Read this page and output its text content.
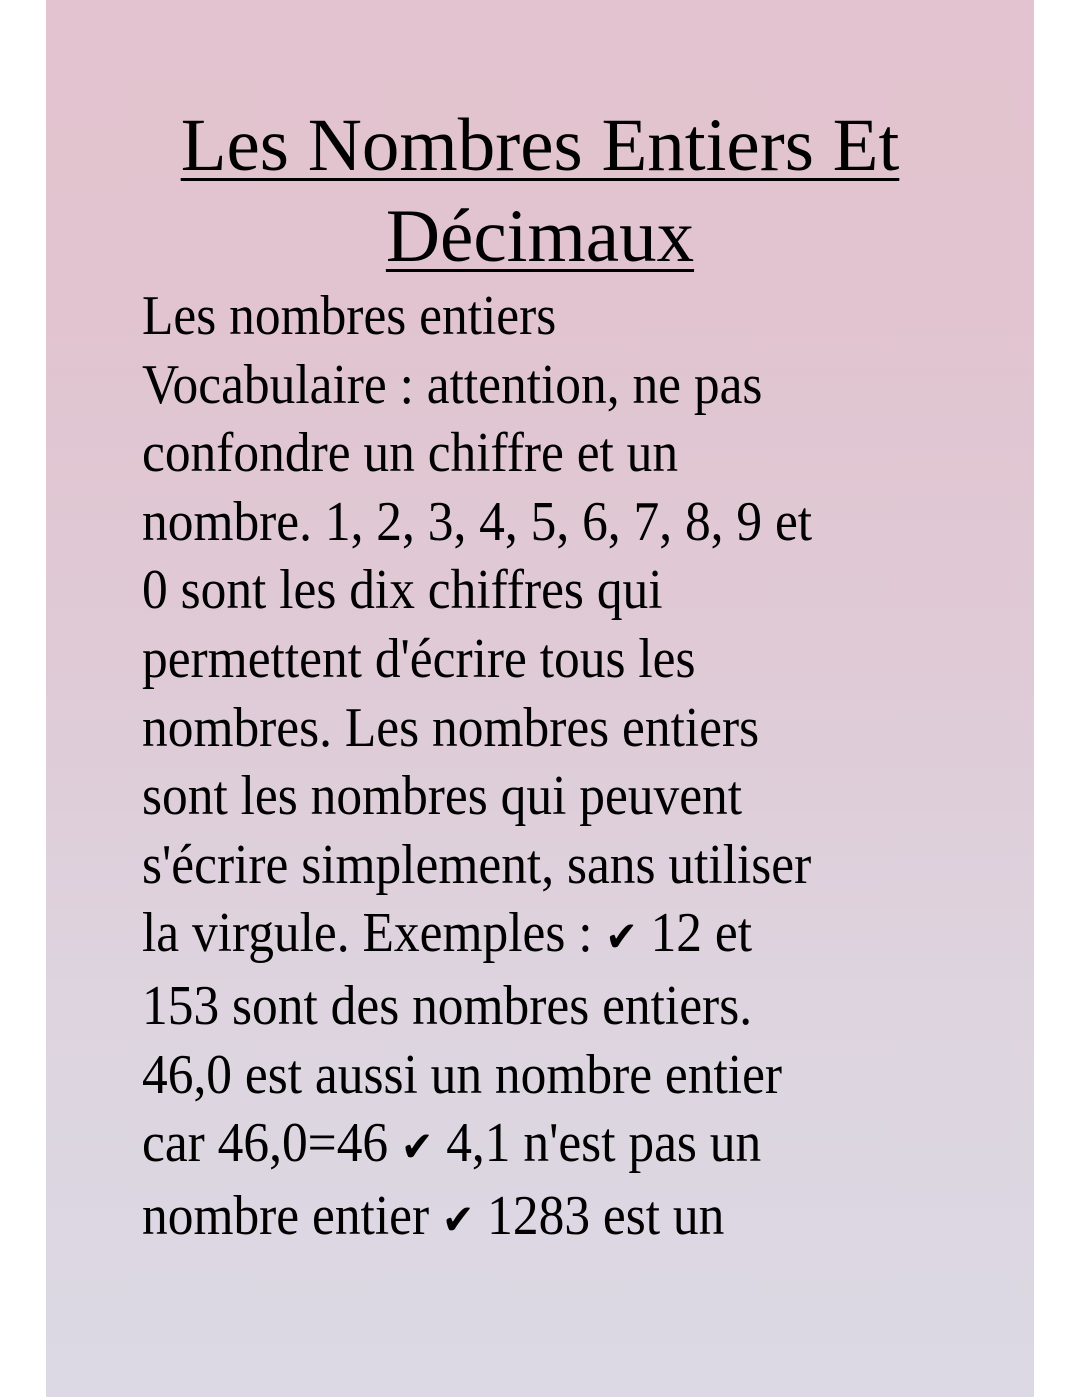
Les Nombres Entiers Et
Décimaux
Les nombres entiers
Vocabulaire : attention, ne pas
confondre un chiffre et un
nombre. 1, 2, 3, 4, 5, 6, 7, 8, 9 et
0 sont les dix chiffres qui
permettent d'écrire tous les
nombres. Les nombres entiers
sont les nombres qui peuvent
s'écrire simplement, sans utiliser
la virgule. Exemples : ✔ 12 et
153 sont des nombres entiers.
46,0 est aussi un nombre entier
car 46,0=46 ✔ 4,1 n'est pas un
nombre entier ✔ 1283 est un
